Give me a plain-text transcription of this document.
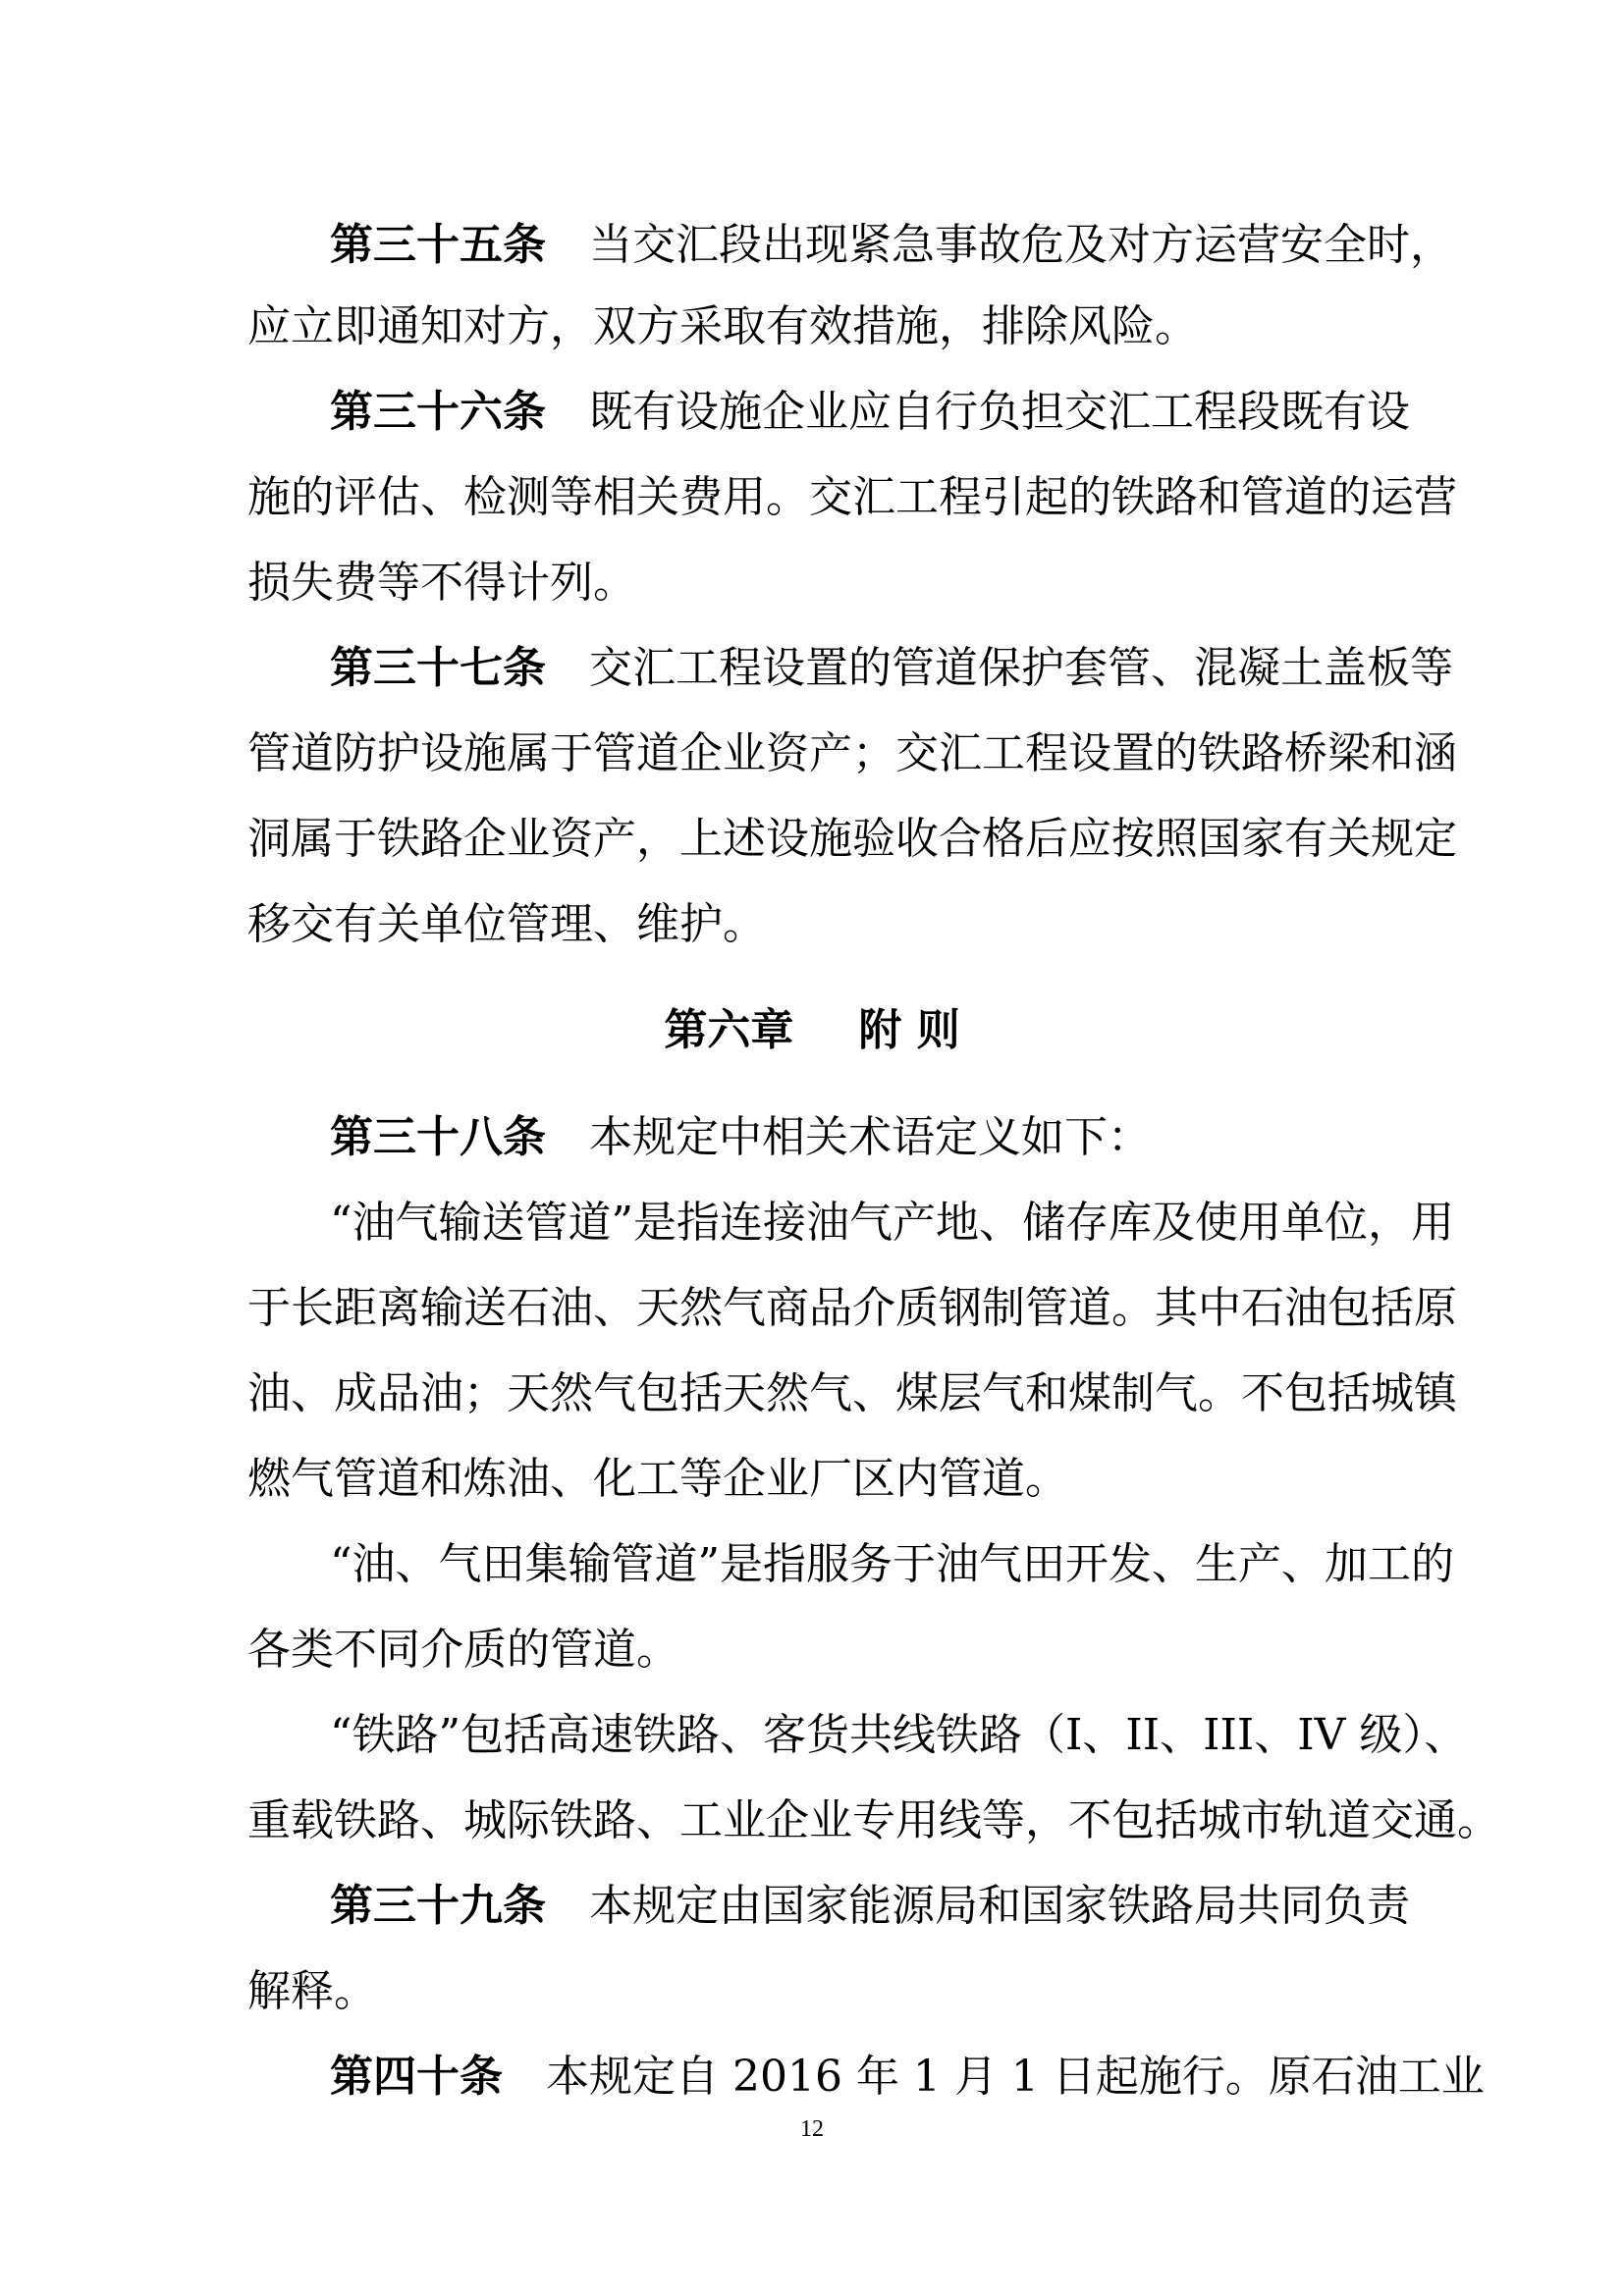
第三十五条 当交汇段出现紧急事故危及对方运营安全时，
应立即通知对方，双方采取有效措施，排除风险。
第三十六条 既有设施企业应自行负担交汇工程段既有设
施的评估、检测等相关费用。交汇工程引起的铁路和管道的运营
损失费等不得计列。
第三十七条 交汇工程设置的管道保护套管、混凝土盖板等
管道防护设施属于管道企业资产；交汇工程设置的铁路桥梁和涵
洞属于铁路企业资产，上述设施验收合格后应按照国家有关规定
移交有关单位管理、维护。
第六章 附 则
第三十八条 本规定中相关术语定义如下：
“油气输送管道”是指连接油气产地、储存库及使用单位，用
于长距离输送石油、天然气商品介质钢制管道。其中石油包括原
油、成品油；天然气包括天然气、煤层气和煤制气。不包括城镇
燃气管道和炼油、化工等企业厂区内管道。
“油、气田集输管道”是指服务于油气田开发、生产、加工的
各类不同介质的管道。
“铁路”包括高速铁路、客货共线铁路（I、II、III、IV 级）、
重载铁路、城际铁路、工业企业专用线等，不包括城市轨道交通。
第三十九条 本规定由国家能源局和国家铁路局共同负责
解释。
第四十条 本规定自 2016 年 1 月 1 日起施行。原石油工业
12
